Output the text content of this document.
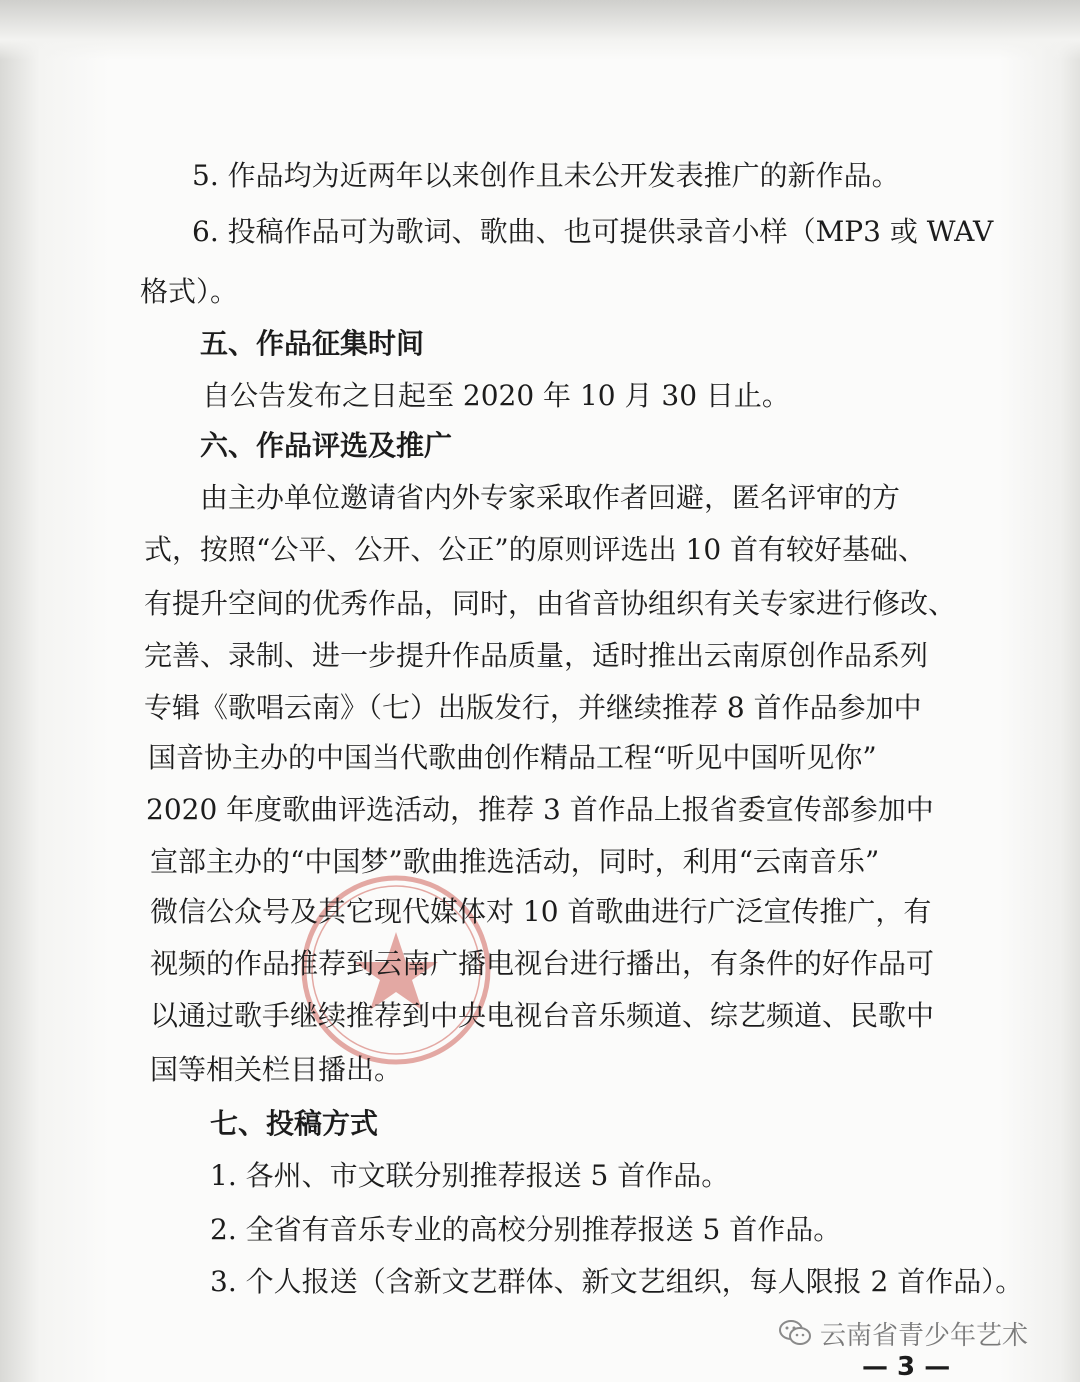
5. 作品均为近两年以来创作且未公开发表推广的新作品。
6. 投稿作品可为歌词、歌曲、也可提供录音小样（MP3 或 WAV
格式）。
五、作品征集时间
自公告发布之日起至 2020 年 10 月 30 日止。
六、作品评选及推广
由主办单位邀请省内外专家采取作者回避，匿名评审的方
式，按照“公平、公开、公正”的原则评选出 10 首有较好基础、
有提升空间的优秀作品，同时，由省音协组织有关专家进行修改、
完善、录制、进一步提升作品质量，适时推出云南原创作品系列
专辑《歌唱云南》（七）出版发行，并继续推荐 8 首作品参加中
国音协主办的中国当代歌曲创作精品工程“听见中国听见你”
2020 年度歌曲评选活动，推荐 3 首作品上报省委宣传部参加中
宣部主办的“中国梦”歌曲推选活动，同时，利用“云南音乐”
微信公众号及其它现代媒体对 10 首歌曲进行广泛宣传推广，有
视频的作品推荐到云南广播电视台进行播出，有条件的好作品可
以通过歌手继续推荐到中央电视台音乐频道、综艺频道、民歌中
国等相关栏目播出。
七、投稿方式
1. 各州、市文联分别推荐报送 5 首作品。
2. 全省有音乐专业的高校分别推荐报送 5 首作品。
3. 个人报送（含新文艺群体、新文艺组织，每人限报 2 首作品）。
云南省青少年艺术
— 3 —
